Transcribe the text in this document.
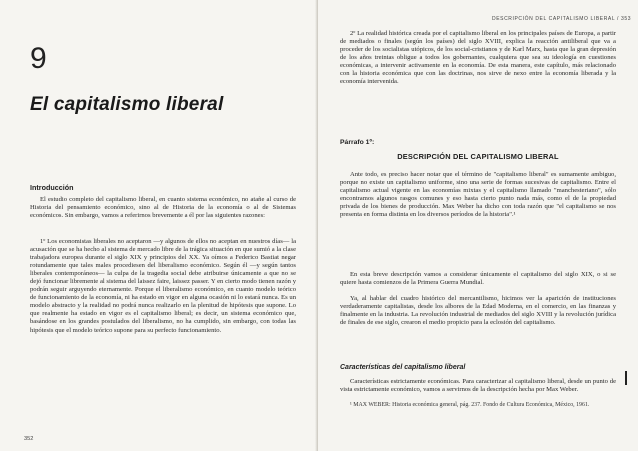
9
El capitalismo liberal
Introducción

El estudio completo del capitalismo liberal, en cuanto sistema económico, no atañe al curso de Historia del pensamiento económico, sino al de Historia de la economía o al de Sistemas económicos. Sin embargo, vamos a referirnos brevemente a él por las siguientes razones:

1º Los economistas liberales no aceptaron —y algunos de ellos no aceptan en nuestros días— la acusación que se ha hecho al sistema de mercado libre de la trágica situación en que sumió a la clase trabajadora europea durante el siglo XIX y principios del XX. Ya oímos a Federico Bastiat negar rotundamente que tales males procediesen del liberalismo económico. Según él —y según tantos liberales contemporáneos— la culpa de la tragedia social debe atribuirse únicamente a que no se dejó funcionar libremente al sistema del laissez faire, laissez passer. Y en cierto modo tienen razón y podrán seguir arguyendo eternamente. Porque el liberalismo económico, en cuanto modelo teórico de funcionamiento de la economía, ni ha estado en vigor en alguna ocasión ni lo estará nunca. Es un modelo abstracto y la realidad no podrá nunca realizarlo en la plenitud de hipótesis que supone. Lo que realmente ha estado en vigor es el capitalismo liberal; es decir, un sistema económico que, basándose en los grandes postulados del liberalismo, no ha cumplido, sin embargo, con todas las hipótesis que el modelo teórico supone para su perfecto funcionamiento.

352
DESCRIPCIÓN DEL CAPITALISMO LIBERAL / 353

2º La realidad histórica creada por el capitalismo liberal en los principales países de Europa, a partir de mediados o finales (según los países) del siglo XVIII, explica la reacción antiliberal que va a proceder de los socialistas utópicos, de los social-cristianos y de Karl Marx, hasta que la gran depresión de los años treintas obligue a todos los gobernantes, cualquiera que sea su ideología en cuestiones económicas, a intervenir activamente en la economía. De esta manera, este capítulo, más relacionado con la historia económica que con las doctrinas, nos sirve de nexo entre la economía liberada y la economía intervenida.

Párrafo 1º:
DESCRIPCIÓN DEL CAPITALISMO LIBERAL

Ante todo, es preciso hacer notar que el término de "capitalismo liberal" es sumamente ambiguo, porque no existe un capitalismo uniforme, sino una serie de formas sucesivas de capitalismo. Entre el capitalismo actual vigente en las economías mixtas y el capitalismo llamado "manchesteriano", sólo encontramos algunos rasgos comunes y eso hasta cierto punto nada más, como el de la propiedad privada de los bienes de producción. Max Weber ha dicho con toda razón que "el capitalismo se nos presenta en forma distinta en los diversos períodos de la historia".¹

En esta breve descripción vamos a considerar únicamente el capitalismo del siglo XIX, o si se quiere hasta comienzos de la Primera Guerra Mundial.

Ya, al hablar del cuadro histórico del mercantilismo, hicimos ver la aparición de instituciones verdaderamente capitalistas, desde los albores de la Edad Moderna, en el comercio, en las finanzas y finalmente en la industria. La revolución industrial de mediados del siglo XVIII y la revolución jurídica de finales de ese siglo, crearon el medio propicio para la eclosión del capitalismo.

Características del capitalismo liberal

Características estrictamente económicas. Para caracterizar al capitalismo liberal, desde un punto de vista estrictamente económico, vamos a servirnos de la descripción hecha por Max Weber.

¹ MAX WEBER: Historia económica general, pág. 237. Fondo de Cultura Económica, México, 1961.
